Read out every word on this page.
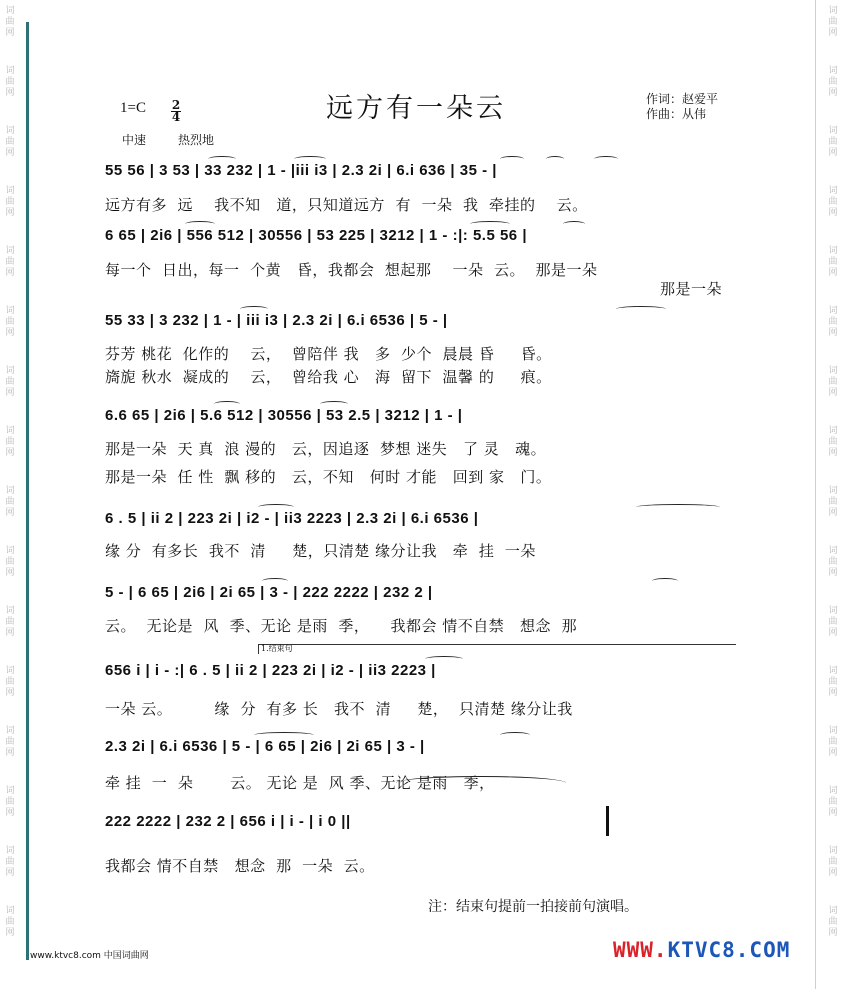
词
曲
网
词
曲
网
词
曲
网
词
曲
网
词
曲
网
词
曲
网
词
曲
网
词
曲
网
词
曲
网
词
曲
网
词
曲
网
词
曲
网
词
曲
网
词
曲
网
词
曲
网
词
曲
网
词
曲
网
词
曲
网
词
曲
网
词
曲
网
词
曲
网
词
曲
网
词
曲
网
词
曲
网
词
曲
网
词
曲
网
词
曲
网
词
曲
网
词
曲
网
词
曲
网
词
曲
网
词
曲
网
1=C 2
4
中速	热烈地
远方有一朵云	作词：赵爱平
作曲：从伟
55 56 | 3 53 | 33 232 | 1 - |iii i3 | 2.3 2i | 6.i 636 | 35 - |
远方有多  远    我不知   道，只知道远方  有  一朵  我  牵挂的    云。
6 65 | 2i6 | 556 512 | 30556 | 53 225 | 3212 | 1 - :|: 5.5 56 |
每一个  日出，每一  个黄   昏，我都会  想起那    一朵  云。  那是一朵
那是一朵
55 33 | 3 232 | 1 - | iii i3 | 2.3 2i | 6.i 6536 | 5 - |
芬芳 桃花  化作的    云，  曾陪伴 我   多  少个  晨晨 昏     昏。
旖旎 秋水  凝成的    云，  曾给我 心   海  留下  温馨 的     痕。
6.6 65 | 2i6 | 5.6 512 | 30556 | 53 2.5 | 3212 | 1 - |
那是一朵  天 真  浪 漫的   云，因追逐  梦想 迷失   了 灵   魂。
那是一朵  任 性  飘 移的   云，不知   何时 才能   回到 家   门。
6 . 5 | ii 2 | 223 2i | i2 - | ii3 2223 | 2.3 2i | 6.i 6536 |
缘 分  有多长  我不  清     楚，只清楚 缘分让我   牵  挂  一朵
5 - | 6 65 | 2i6 | 2i 65 | 3 - | 222 2222 | 232 2 |
云。  无论是  风  季、无论 是雨  季，    我都会 情不自禁   想念  那
1.结束句
656 i | i - :| 6 . 5 | ii 2 | 223 2i | i2 - | ii3 2223 |
一朵 云。        缘  分  有多 长   我不  清     楚，  只清楚 缘分让我
2.3 2i | 6.i 6536 | 5 - | 6 65 | 2i6 | 2i 65 | 3 - |
牵 挂  一  朵       云。 无论 是  风 季、无论 是雨   季，
222 2222 | 232 2 | 656 i | i - | i 0 ||
我都会 情不自禁   想念  那  一朵  云。
注：结束句提前一拍接前句演唱。
www.ktvc8.com 中国词曲网	WWW.KTVC8.COM
